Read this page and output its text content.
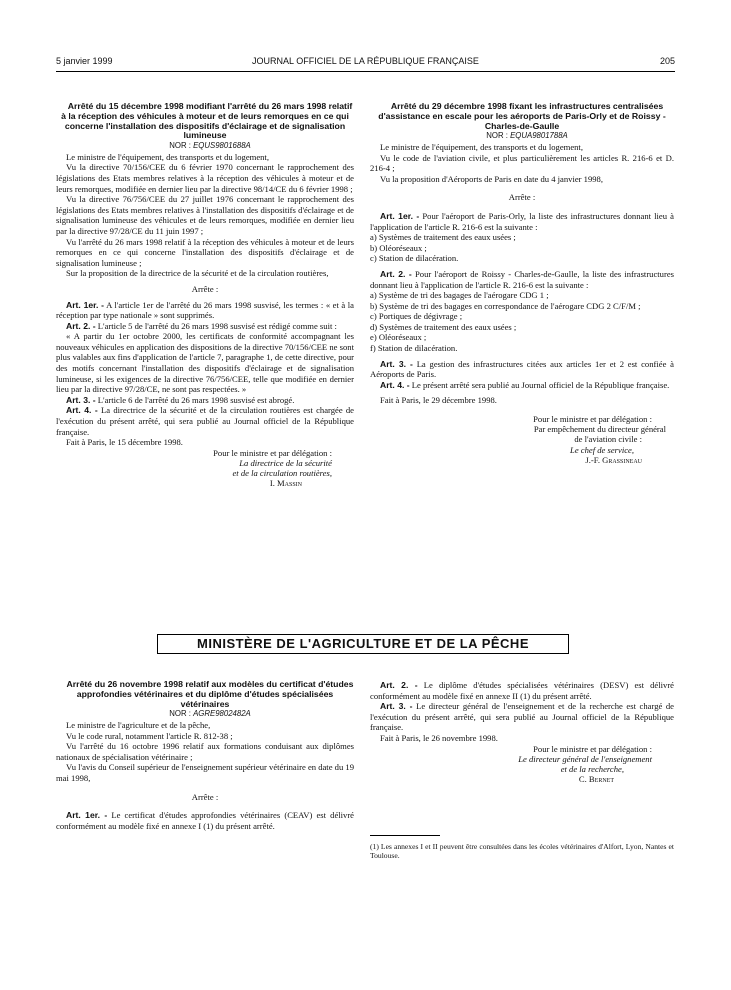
5 janvier 1999	JOURNAL OFFICIEL DE LA RÉPUBLIQUE FRANÇAISE	205

Arrêté du 15 décembre 1998 modifiant l'arrêté du 26 mars 1998 relatif à la réception des véhicules à moteur et de leurs remorques en ce qui concerne l'installation des dispositifs d'éclairage et de signalisation lumineuse

NOR : EQUS9801688A

Le ministre de l'équipement, des transports et du logement,

Vu la directive 70/156/CEE du 6 février 1970 concernant le rapprochement des législations des Etats membres relatives à la réception des véhicules à moteur et de leurs remorques, modifiée en dernier lieu par la directive 98/14/CE du 6 février 1998 ;

Vu la directive 76/756/CEE du 27 juillet 1976 concernant le rapprochement des législations des Etats membres relatives à l'installation des dispositifs d'éclairage et de signalisation lumineuse des véhicules et de leurs remorques, modifiée en dernier lieu par la directive 97/28/CE du 11 juin 1997 ;

Vu l'arrêté du 26 mars 1998 relatif à la réception des véhicules à moteur et de leurs remorques en ce qui concerne l'installation des dispositifs d'éclairage et de signalisation lumineuse ;

Sur la proposition de la directrice de la sécurité et de la circulation routières,

Arrête :

Art. 1er. - A l'article 1er de l'arrêté du 26 mars 1998 susvisé, les termes : « et à la réception par type nationale » sont supprimés.

Art. 2. - L'article 5 de l'arrêté du 26 mars 1998 susvisé est rédigé comme suit :

« A partir du 1er octobre 2000, les certificats de conformité accompagnant les nouveaux véhicules en application des dispositions de la directive 70/156/CEE ne sont plus valables aux fins d'application de l'article 7, paragraphe 1, de cette directive, pour des motifs concernant l'installation des dispositifs d'éclairage et de signalisation lumineuse, si les exigences de la directive 76/756/CEE, telle que modifiée en dernier lieu par la directive 97/28/CE, ne sont pas respectées. »

Art. 3. - L'article 6 de l'arrêté du 26 mars 1998 susvisé est abrogé.

Art. 4. - La directrice de la sécurité et de la circulation routières est chargée de l'exécution du présent arrêté, qui sera publié au Journal officiel de la République française.

Fait à Paris, le 15 décembre 1998.

Pour le ministre et par délégation :
La directrice de la sécurité
et de la circulation routières,
I. Massin

Arrêté du 29 décembre 1998 fixant les infrastructures centralisées d'assistance en escale pour les aéroports de Paris-Orly et de Roissy - Charles-de-Gaulle

NOR : EQUA9801788A

Le ministre de l'équipement, des transports et du logement,

Vu le code de l'aviation civile, et plus particulièrement les articles R. 216-6 et D. 216-4 ;

Vu la proposition d'Aéroports de Paris en date du 4 janvier 1998,

Arrête :

Art. 1er. - Pour l'aéroport de Paris-Orly, la liste des infrastructures donnant lieu à l'application de l'article R. 216-6 est la suivante :

a) Systèmes de traitement des eaux usées ;

b) Oléoréseaux ;

c) Station de dilacération.

Art. 2. - Pour l'aéroport de Roissy - Charles-de-Gaulle, la liste des infrastructures donnant lieu à l'application de l'article R. 216-6 est la suivante :

a) Système de tri des bagages de l'aérogare CDG 1 ;

b) Système de tri des bagages en correspondance de l'aérogare CDG 2 C/F/M ;

c) Portiques de dégivrage ;

d) Systèmes de traitement des eaux usées ;

e) Oléoréseaux ;

f) Station de dilacération.

Art. 3. - La gestion des infrastructures citées aux articles 1er et 2 est confiée à Aéroports de Paris.

Art. 4. - Le présent arrêté sera publié au Journal officiel de la République française.

Fait à Paris, le 29 décembre 1998.

Pour le ministre et par délégation :
Par empêchement du directeur général
de l'aviation civile :
Le chef de service,
J.-F. Grassineau
MINISTÈRE DE L'AGRICULTURE ET DE LA PÊCHE

Arrêté du 26 novembre 1998 relatif aux modèles du certificat d'études approfondies vétérinaires et du diplôme d'études spécialisées vétérinaires

NOR : AGRE9802482A

Le ministre de l'agriculture et de la pêche,

Vu le code rural, notamment l'article R. 812-38 ;

Vu l'arrêté du 16 octobre 1996 relatif aux formations conduisant aux diplômes nationaux de spécialisation vétérinaire ;

Vu l'avis du Conseil supérieur de l'enseignement supérieur vétérinaire en date du 19 mai 1998,

Arrête :

Art. 1er. - Le certificat d'études approfondies vétérinaires (CEAV) est délivré conformément au modèle fixé en annexe I (1) du présent arrêté.

Art. 2. - Le diplôme d'études spécialisées vétérinaires (DESV) est délivré conformément au modèle fixé en annexe II (1) du présent arrêté.

Art. 3. - Le directeur général de l'enseignement et de la recherche est chargé de l'exécution du présent arrêté, qui sera publié au Journal officiel de la République française.

Fait à Paris, le 26 novembre 1998.

Pour le ministre et par délégation :
Le directeur général de l'enseignement
et de la recherche,
C. Bernet
(1) Les annexes I et II peuvent être consultées dans les écoles vétérinaires d'Alfort, Lyon, Nantes et Toulouse.
